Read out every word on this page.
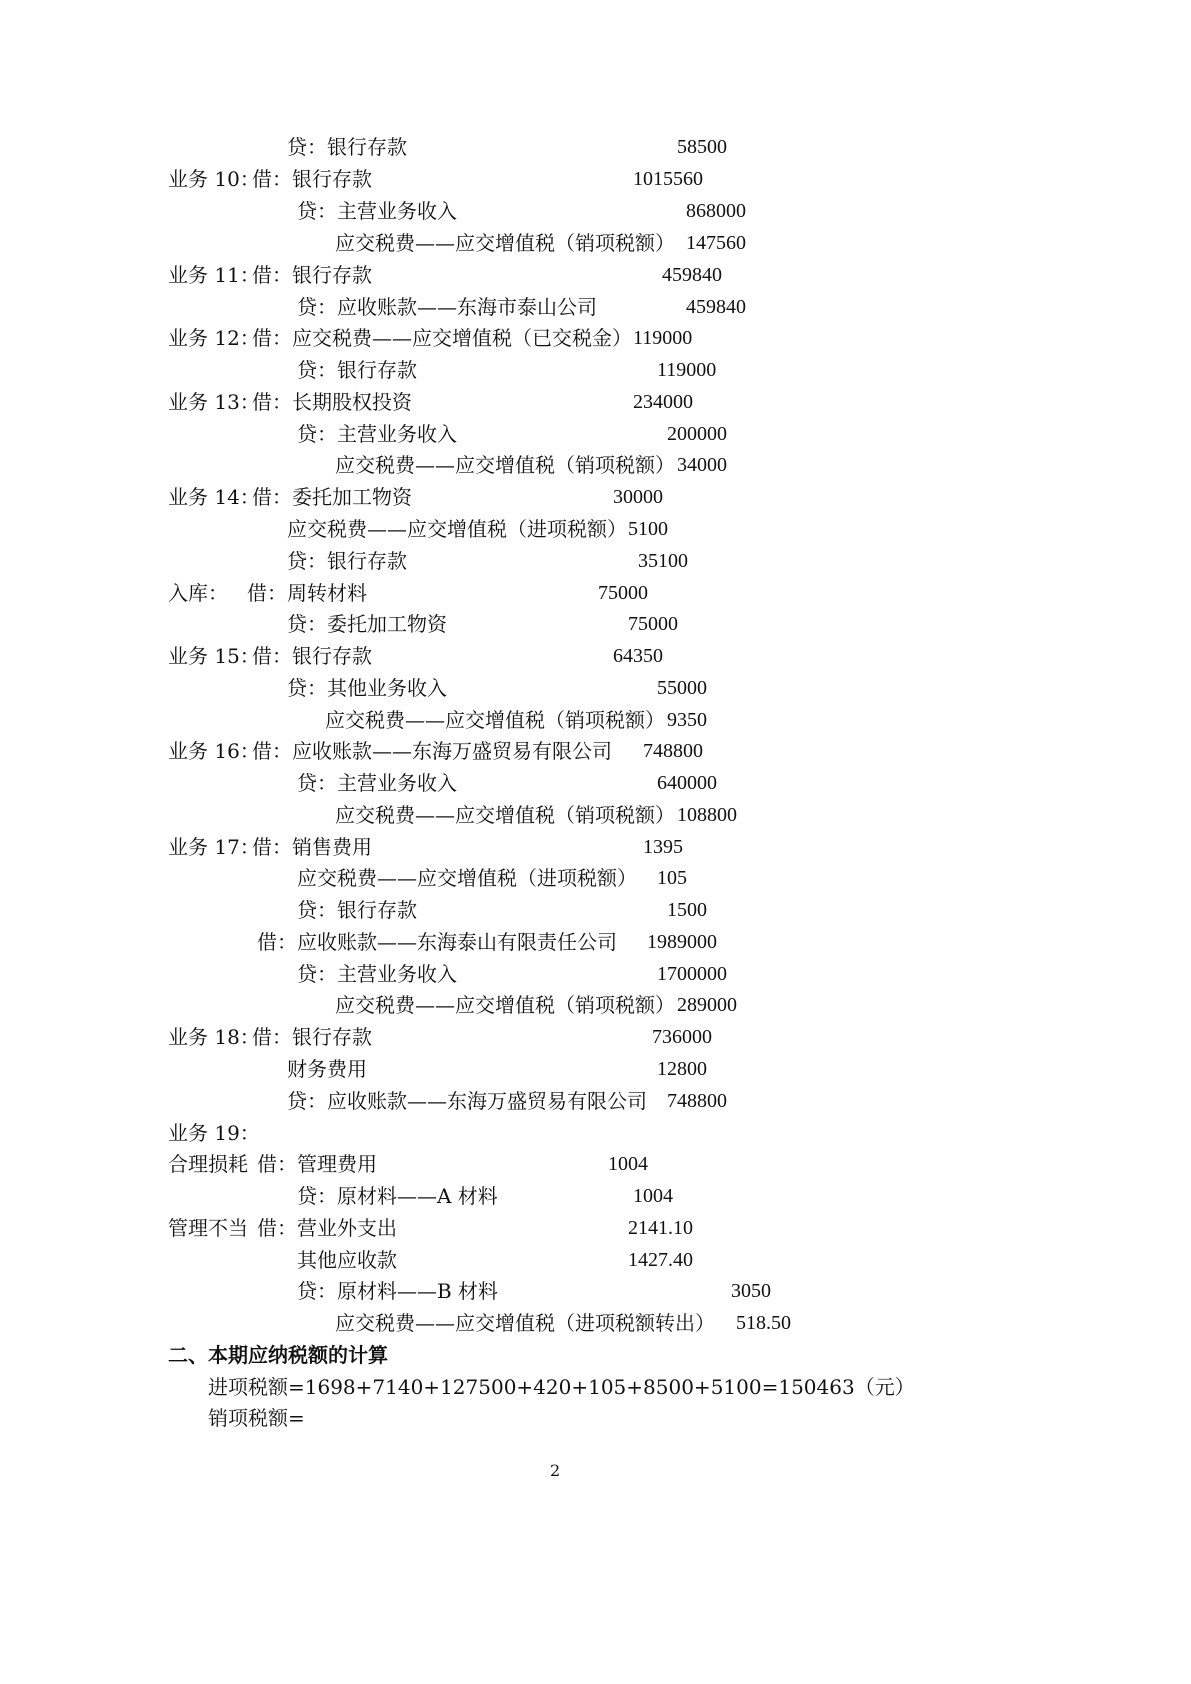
贷：银行存款	58500
业务 10：
借：银行存款	1015560
贷：主营业务收入	868000
应交税费——应交增值税（销项税额） 147560
业务 11：
借：银行存款	459840
贷：应收账款——东海市泰山公司	459840
业务 12：
借：应交税费——应交增值税（已交税金） 119000
贷：银行存款	119000
业务 13：
借：长期股权投资	234000
贷：主营业务收入	200000
应交税费——应交增值税（销项税额） 34000
业务 14：
借：委托加工物资	30000
应交税费——应交增值税（进项税额） 5100
贷：银行存款	35100
入库： 借：周转材料	75000
贷：委托加工物资	75000
业务 15：
借：银行存款	64350
贷：其他业务收入	55000
应交税费——应交增值税（销项税额） 9350
业务 16：
借：应收账款——东海万盛贸易有限公司 748800
贷：主营业务收入	640000
应交税费——应交增值税（销项税额） 108800
业务 17：
借：销售费用	1395
应交税费——应交增值税（进项税额） 105
贷：银行存款	1500
借：应收账款——东海泰山有限责任公司 1989000
贷：主营业务收入	1700000
应交税费——应交增值税（销项税额） 289000
业务 18：
借：银行存款	736000
财务费用	12800
贷：应收账款——东海万盛贸易有限公司 748800
业务 19：
合理损耗 借：管理费用	1004
贷：原材料——A 材料	1004
管理不当 借：营业外支出	2141.10
其他应收款	1427.40
贷：原材料——B 材料	3050
应交税费——应交增值税（进项税额转出） 518.50
二、本期应纳税额的计算
进项税额=1698+7140+127500+420+105+8500+5100=150463（元）
销项税额=
2
